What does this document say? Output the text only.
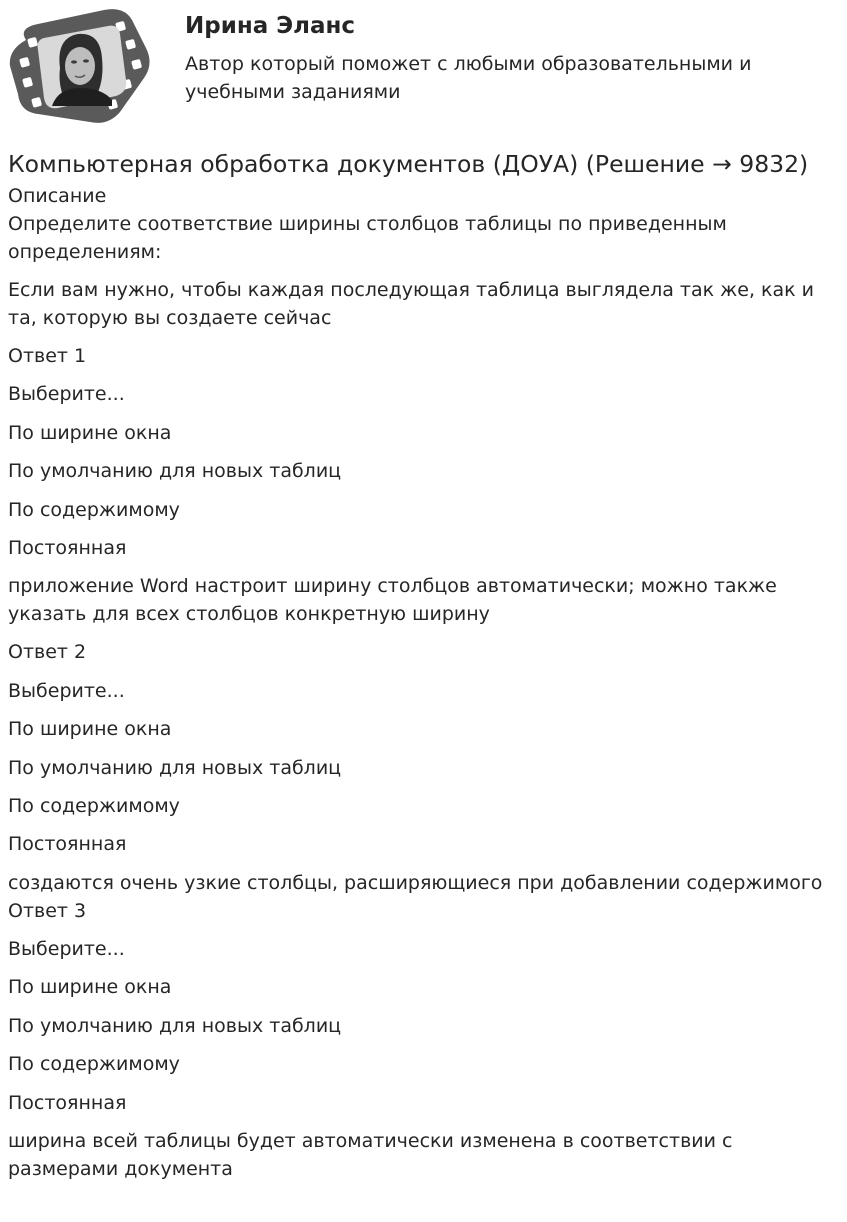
Ирина Эланс

Автор который поможет с любыми образовательными и учебными заданиями

Компьютерная обработка документов (ДОУА) (Решение → 9832)

Описание

Определите соответствие ширины столбцов таблицы по приведенным определениям:

Если вам нужно, чтобы каждая последующая таблица выглядела так же, как и та, которую вы создаете сейчас

Ответ 1

Выберите...

По ширине окна

По умолчанию для новых таблиц

По содержимому

Постоянная

приложение Word настроит ширину столбцов автоматически; можно также указать для всех столбцов конкретную ширину

Ответ 2

Выберите...

По ширине окна

По умолчанию для новых таблиц

По содержимому

Постоянная

создаются очень узкие столбцы, расширяющиеся при добавлении содержимого

Ответ 3

Выберите...

По ширине окна

По умолчанию для новых таблиц

По содержимому

Постоянная

ширина всей таблицы будет автоматически изменена в соответствии с размерами документа
